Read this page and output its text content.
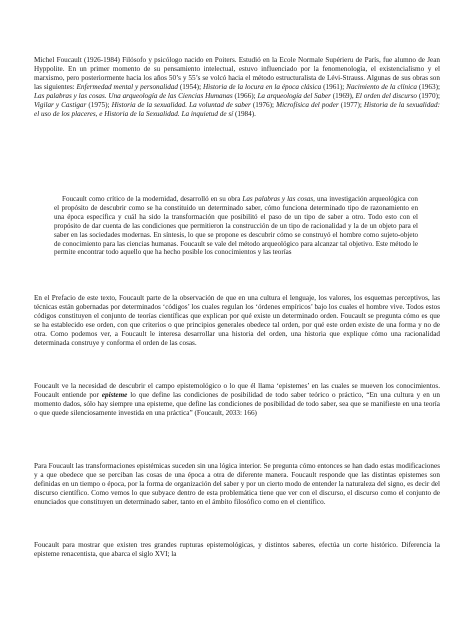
Michel Foucault (1926-1984) Filósofo y psicólogo nacido en Poiters. Estudió en la Ecole Normale Supérieru de París, fue alumno de Jean Hyppolite. En un primer momento de su pensamiento intelectual, estuvo influenciado por la fenomenología, el existencialismo y el marxismo, pero posteriormente hacia los años 50’s y 55’s se volcó hacia el método estructuralista de Lévi-Strauss. Algunas de sus obras son las siguientes: Enfermedad mental y personalidad (1954); Historia de la locura en la época clásica (1961); Nacimiento de la clínica (1963); Las palabras y las cosas. Una arqueología de las Ciencias Humanas (1966); La arqueología del Saber (1969), El orden del discurso (1970); Vigilar y Castigar (1975); Historia de la sexualidad. La voluntad de saber (1976); Microfísica del poder (1977); Historia de la sexualidad: el uso de los placeres, e Historia de la Sexualidad. La inquietud de sí (1984).

Foucault como crítico de la modernidad, desarrolló en su obra Las palabras y las cosas, una investigación arqueológica con el propósito de descubrir como se ha constituido un determinado saber, cómo funciona determinado tipo de razonamiento en una época específica y cuál ha sido la transformación que posibilitó el paso de un tipo de saber a otro. Todo esto con el propósito de dar cuenta de las condiciones que permitieron la construcción de un tipo de racionalidad y la de un objeto para el saber en las sociedades modernas. En síntesis, lo que se propone es descubrir cómo se construyó el hombre como sujeto-objeto de conocimiento para las ciencias humanas. Foucault se vale del método arqueológico para alcanzar tal objetivo. Este método le permite encontrar todo aquello que ha hecho posible los conocimientos y las teorías

En el Prefacio de este texto, Foucault parte de la observación de que en una cultura el lenguaje, los valores, los esquemas perceptivos, las técnicas están gobernadas por determinados ‘códigos’ los cuales regulan los ‘órdenes empíricos’ bajo los cuales el hombre vive. Todos estos códigos constituyen el conjunto de teorías científicas que explican por qué existe un determinado orden. Foucault se pregunta cómo es que se ha establecido ese orden, con que criterios o que principios generales obedece tal orden, por qué este orden existe de una forma y no de otra. Como podemos ver, a Foucault le interesa desarrollar una historia del orden, una historia que explique cómo una racionalidad determinada construye y conforma el orden de las cosas.

Foucault ve la necesidad de descubrir el campo epistemológico o lo que él llama ‘epistemes’ en las cuales se mueven los conocimientos. Foucault entiende por episteme lo que define las condiciones de posibilidad de todo saber teórico o práctico, “En una cultura y en un momento dados, sólo hay siempre una episteme, que define las condiciones de posibilidad de todo saber, sea que se manifieste en una teoría o que quede silenciosamente investida en una práctica” (Foucault, 2033: 166)

Para Foucault las transformaciones epistémicas suceden sin una lógica interior. Se pregunta cómo entonces se han dado estas modificaciones y a que obedece que se perciban las cosas de una época a otra de diferente manera. Foucault responde que las distintas epistemes son definidas en un tiempo o época, por la forma de organización del saber y por un cierto modo de entender la naturaleza del signo, es decir del discurso científico. Como vemos lo que subyace dentro de esta problemática tiene que ver con el discurso, el discurso como el conjunto de enunciados que constituyen un determinado saber, tanto en el ámbito filosófico como en el científico.

Foucault para mostrar que existen tres grandes rupturas epistemológicas, y distintos saberes, efectúa un corte histórico. Diferencia la episteme renacentista, que abarca el siglo XVI; la
